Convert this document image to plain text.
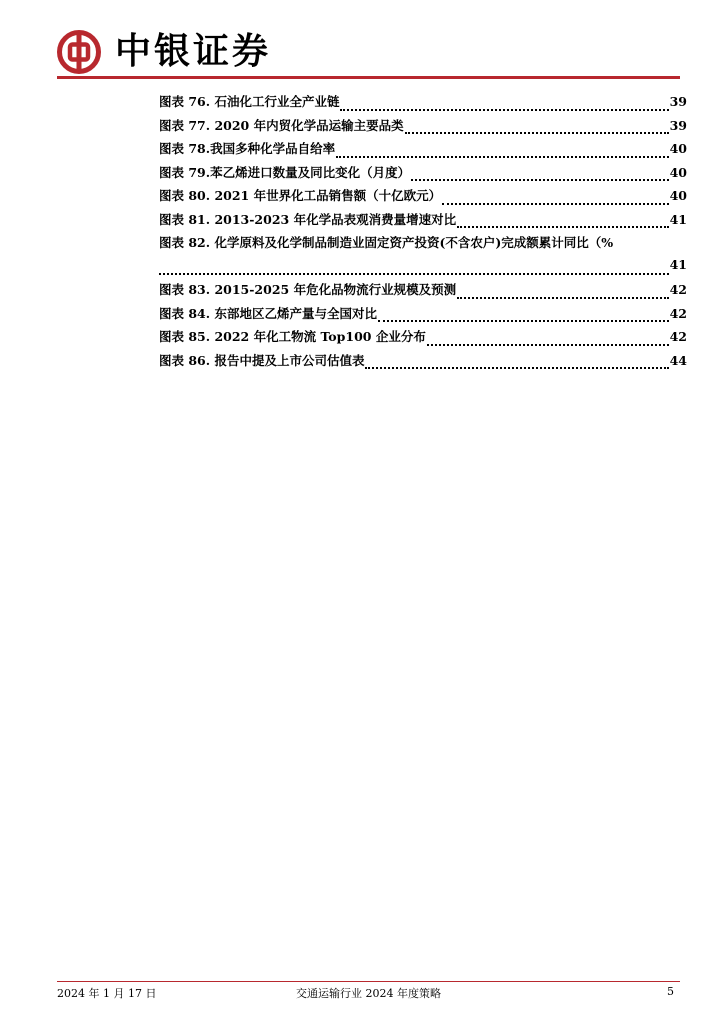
中银证券
图表 76. 石油化工行业全产业链	39
图表 77. 2020 年内贸化学品运输主要品类	39
图表 78.我国多种化学品自给率	40
图表 79.苯乙烯进口数量及同比变化（月度）	40
图表 80. 2021 年世界化工品销售额（十亿欧元）	40
图表 81. 2013-2023 年化学品表观消费量增速对比	41
图表 82. 化学原料及化学制品制造业固定资产投资(不含农户)完成额累计同比（%
41
图表 83. 2015-2025 年危化品物流行业规模及预测	42
图表 84. 东部地区乙烯产量与全国对比	42
图表 85. 2022 年化工物流 Top100 企业分布	42
图表 86. 报告中提及上市公司估值表	44
2024 年 1 月 17 日	交通运输行业 2024 年度策略	5
